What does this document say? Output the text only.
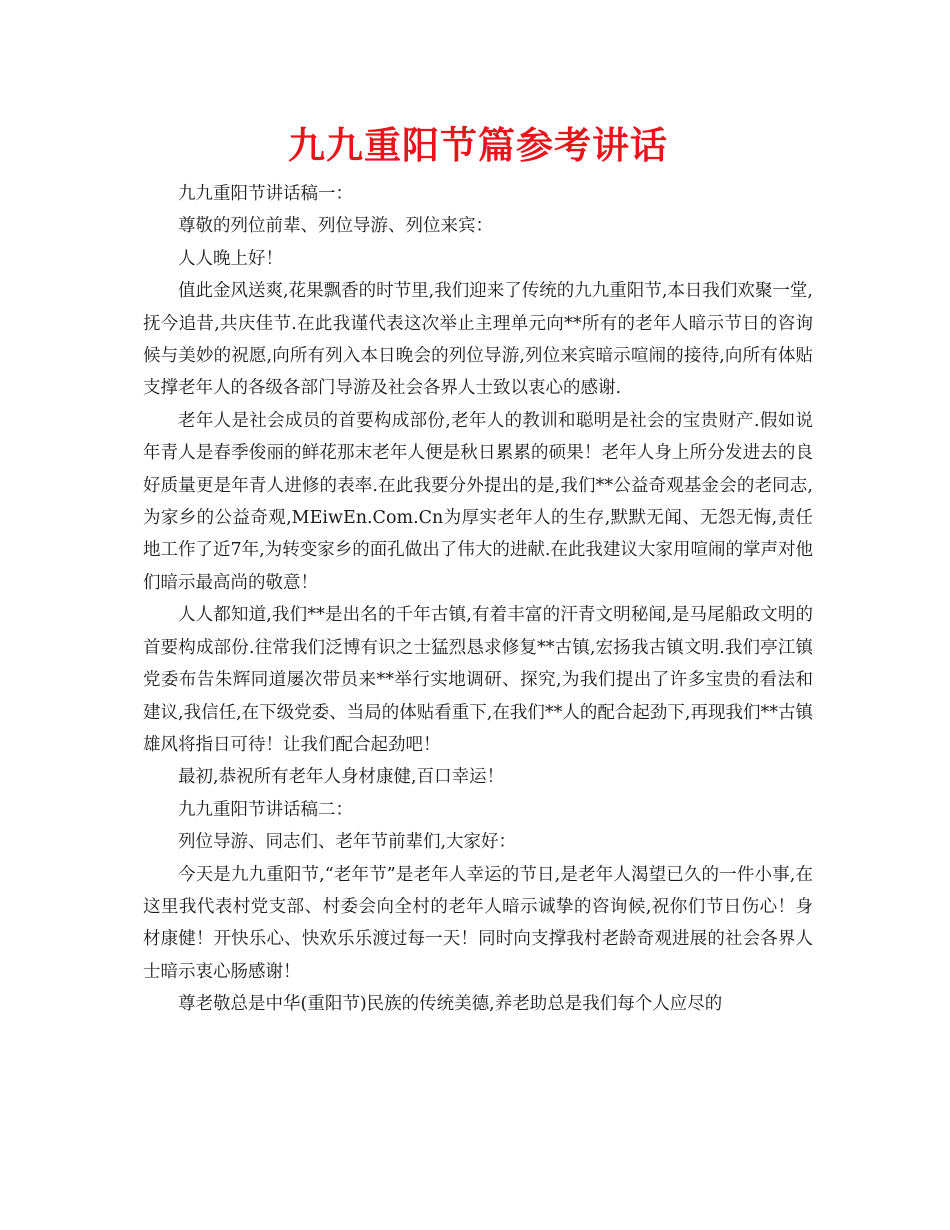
九九重阳节篇参考讲话

九九重阳节讲话稿一：

尊敬的列位前辈、列位导游、列位来宾：

人人晚上好！

值此金风送爽,花果飘香的时节里,我们迎来了传统的九九重阳节,本日我们欢聚一堂,抚今追昔,共庆佳节.在此我谨代表这次举止主理单元向**所有的老年人暗示节日的咨询候与美妙的祝愿,向所有列入本日晚会的列位导游,列位来宾暗示喧闹的接待,向所有体贴支撑老年人的各级各部门导游及社会各界人士致以衷心的感谢.

老年人是社会成员的首要构成部份,老年人的教训和聪明是社会的宝贵财产.假如说年青人是春季俊丽的鲜花那末老年人便是秋日累累的硕果！老年人身上所分发进去的良好质量更是年青人进修的表率.在此我要分外提出的是,我们**公益奇观基金会的老同志,为家乡的公益奇观,MEiwEn.Com.Cn为厚实老年人的生存,默默无闻、无怨无悔,责任地工作了近7年,为转变家乡的面孔做出了伟大的进献.在此我建议大家用喧闹的掌声对他们暗示最高尚的敬意！

人人都知道,我们**是出名的千年古镇,有着丰富的汗青文明秘闻,是马尾船政文明的首要构成部份.往常我们泛博有识之士猛烈恳求修复**古镇,宏扬我古镇文明.我们亭江镇党委布告朱辉同道屡次带员来**举行实地调研、探究,为我们提出了许多宝贵的看法和建议,我信任,在下级党委、当局的体贴看重下,在我们**人的配合起劲下,再现我们**古镇雄风将指日可待！让我们配合起劲吧！

最初,恭祝所有老年人身材康健,百口幸运！

九九重阳节讲话稿二：

列位导游、同志们、老年节前辈们,大家好：

今天是九九重阳节,“老年节”是老年人幸运的节日,是老年人渴望已久的一件小事,在这里我代表村党支部、村委会向全村的老年人暗示诚挚的咨询候,祝你们节日伤心！身材康健！开快乐心、快欢乐乐渡过每一天！同时向支撑我村老龄奇观进展的社会各界人士暗示衷心肠感谢！

尊老敬总是中华(重阳节)民族的传统美德,养老助总是我们每个人应尽的
